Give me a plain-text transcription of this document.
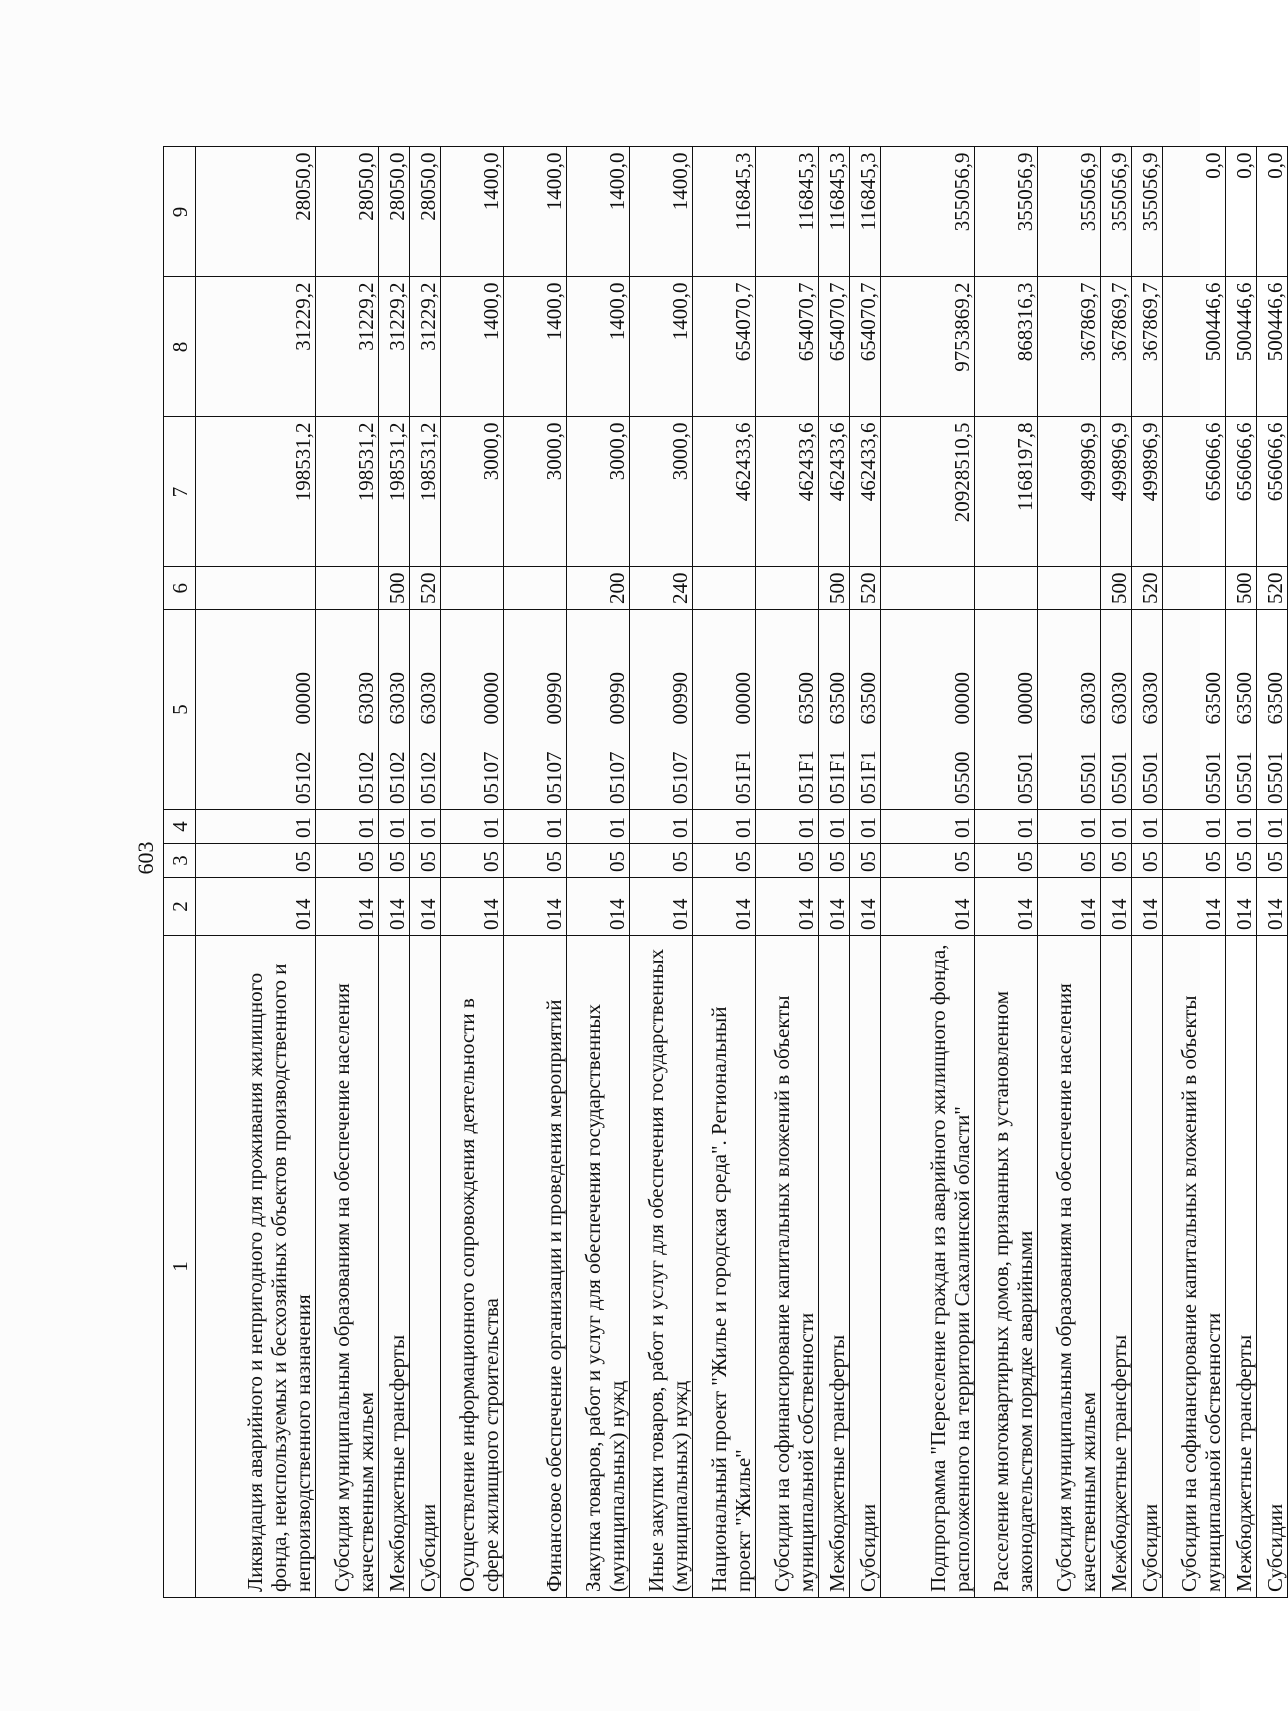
603
1	2	3	4	5		6	7	8	9
Ликвидация аварийного и непригодного для проживания жилищного фонда, неиспользуемых и бесхозяйных объектов производственного и непроизводственного назначения	014	05	01	05102	00000		198531,2	31229,2	28050,0
Субсидия муниципальным образованиям на обеспечение населения качественным жильем	014	05	01	05102	63030		198531,2	31229,2	28050,0
Межбюджетные трансферты	014	05	01	05102	63030	500	198531,2	31229,2	28050,0
Субсидии	014	05	01	05102	63030	520	198531,2	31229,2	28050,0
Осуществление информационного сопровождения деятельности в сфере жилищного строительства	014	05	01	05107	00000		3000,0	1400,0	1400,0
Финансовое обеспечение организации и проведения мероприятий	014	05	01	05107	00990		3000,0	1400,0	1400,0
Закупка товаров, работ и услуг для обеспечения государственных (муниципальных) нужд	014	05	01	05107	00990	200	3000,0	1400,0	1400,0
Иные закупки товаров, работ и услуг для обеспечения государственных (муниципальных) нужд	014	05	01	05107	00990	240	3000,0	1400,0	1400,0
Национальный проект "Жилье и городская среда". Региональный проект "Жилье"	014	05	01	051F1	00000		462433,6	654070,7	116845,3
Субсидии на софинансирование капитальных вложений в объекты муниципальной собственности	014	05	01	051F1	63500		462433,6	654070,7	116845,3
Межбюджетные трансферты	014	05	01	051F1	63500	500	462433,6	654070,7	116845,3
Субсидии	014	05	01	051F1	63500	520	462433,6	654070,7	116845,3
Подпрограмма "Переселение граждан из аварийного жилищного фонда, расположенного на территории Сахалинской области"	014	05	01	05500	00000		20928510,5	9753869,2	355056,9
Расселение многоквартирных домов, признанных в установленном законодательством порядке аварийными	014	05	01	05501	00000		1168197,8	868316,3	355056,9
Субсидия муниципальным образованиям на обеспечение населения качественным жильем	014	05	01	05501	63030		499896,9	367869,7	355056,9
Межбюджетные трансферты	014	05	01	05501	63030	500	499896,9	367869,7	355056,9
Субсидии	014	05	01	05501	63030	520	499896,9	367869,7	355056,9
Субсидии на софинансирование капитальных вложений в объекты муниципальной собственности	014	05	01	05501	63500		656066,6	500446,6	0,0
Межбюджетные трансферты	014	05	01	05501	63500	500	656066,6	500446,6	0,0
Субсидии	014	05	01	05501	63500	520	656066,6	500446,6	0,0
